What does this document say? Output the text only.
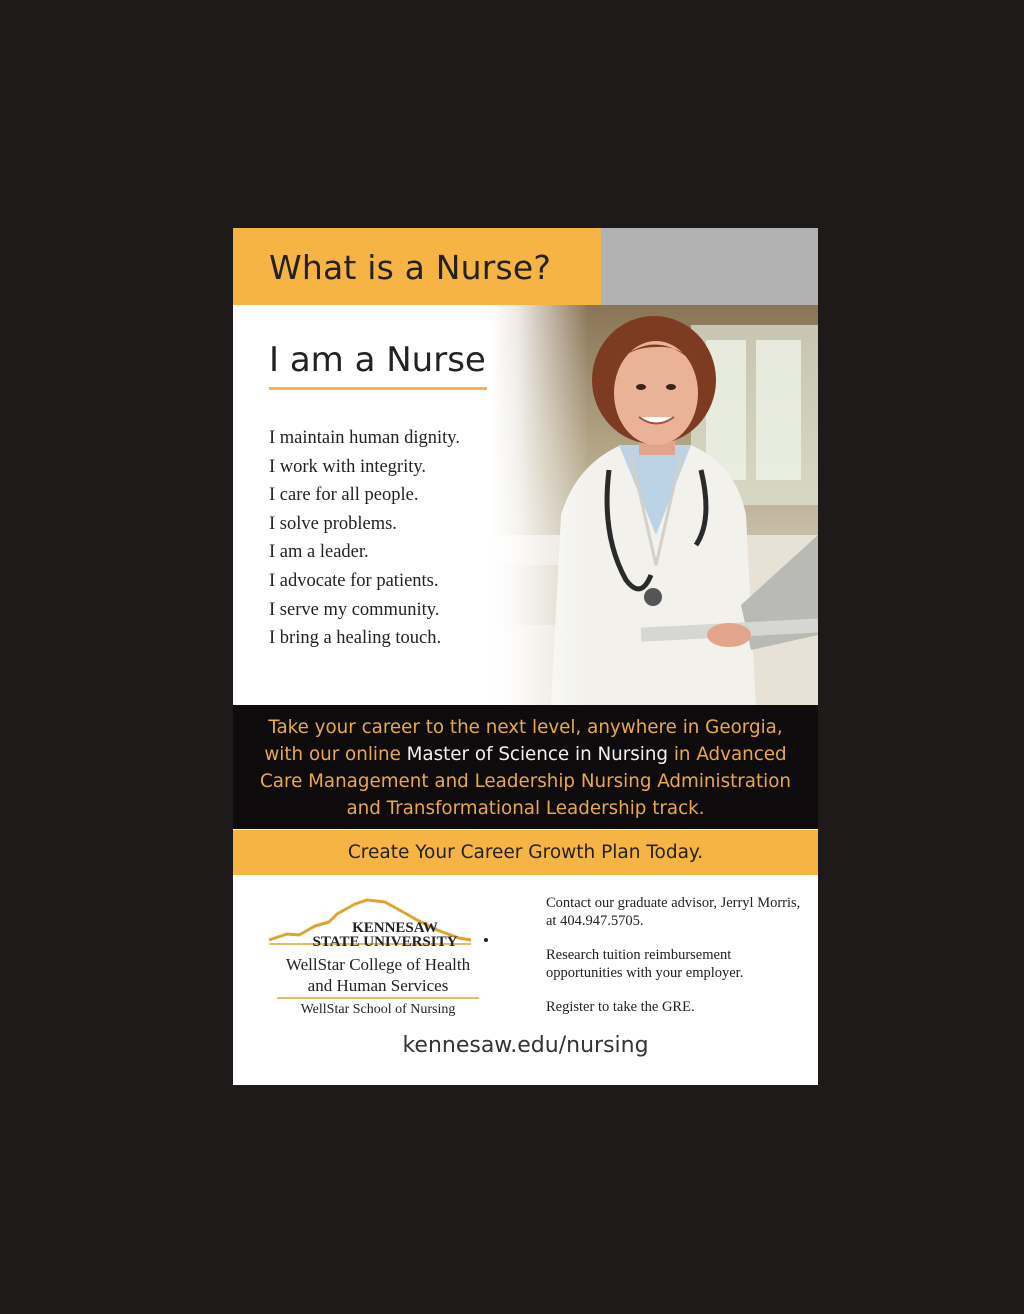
What is a Nurse?
I am a Nurse
I maintain human dignity.
I work with integrity.
I care for all people.
I solve problems.
I am a leader.
I advocate for patients.
I serve my community.
I bring a healing touch.
Take your career to the next level, anywhere in Georgia, with our online Master of Science in Nursing in Advanced Care Management and Leadership Nursing Administration and Transformational Leadership track.
Create Your Career Growth Plan Today.
KENNESAW
STATE UNIVERSITY
WellStar College of Health
and Human Services
WellStar School of Nursing

Contact our graduate advisor, Jerryl Morris, at 404.947.5705.

Research tuition reimbursement opportunities with your employer.

Register to take the GRE.

kennesaw.edu/nursing
